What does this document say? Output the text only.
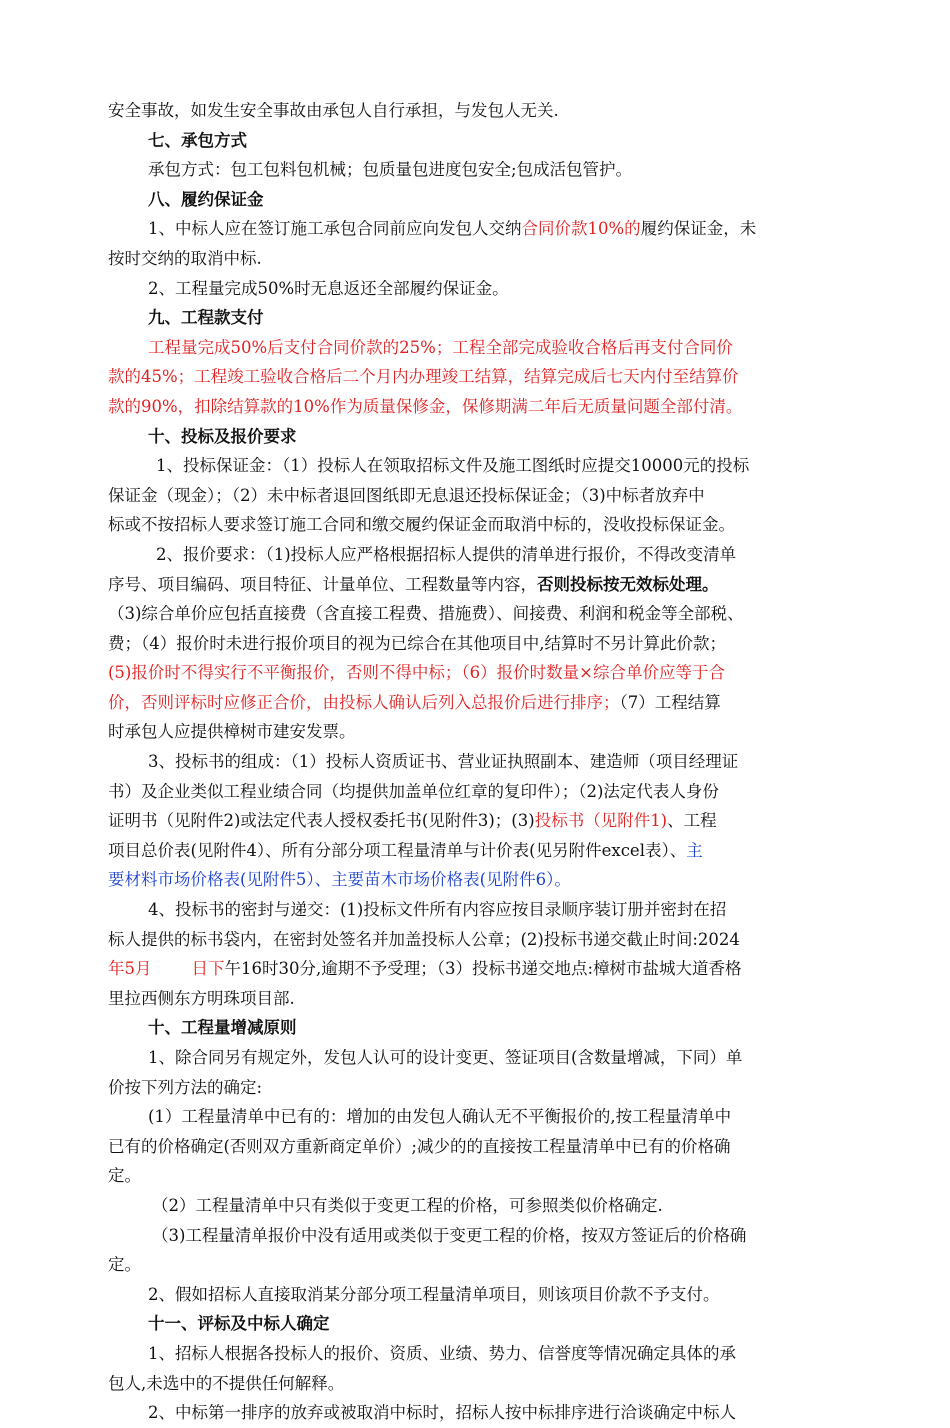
安全事故，如发生安全事故由承包人自行承担，与发包人无关.
七、承包方式
承包方式：包工包料包机械；包质量包进度包安全;包成活包管护。
八、履约保证金
1、中标人应在签订施工承包合同前应向发包人交纳合同价款10%的履约保证金，未
按时交纳的取消中标.
2、工程量完成50%时无息返还全部履约保证金。
九、工程款支付
工程量完成50%后支付合同价款的25%；工程全部完成验收合格后再支付合同价
款的45%；工程竣工验收合格后二个月内办理竣工结算，结算完成后七天内付至结算价
款的90%，扣除结算款的10%作为质量保修金，保修期满二年后无质量问题全部付清。
十、投标及报价要求
1、投标保证金：（1）投标人在领取招标文件及施工图纸时应提交10000元的投标
保证金（现金）；（2）未中标者退回图纸即无息退还投标保证金；（3)中标者放弃中
标或不按招标人要求签订施工合同和缴交履约保证金而取消中标的，没收投标保证金。
2、报价要求：（1)投标人应严格根据招标人提供的清单进行报价，不得改变清单
序号、项目编码、项目特征、计量单位、工程数量等内容，否则投标按无效标处理。
（3)综合单价应包括直接费（含直接工程费、措施费）、间接费、利润和税金等全部税、
费；（4）报价时未进行报价项目的视为已综合在其他项目中,结算时不另计算此价款；
(5)报价时不得实行不平衡报价，否则不得中标；（6）报价时数量×综合单价应等于合
价，否则评标时应修正合价，由投标人确认后列入总报价后进行排序；（7）工程结算
时承包人应提供樟树市建安发票。
3、投标书的组成：（1）投标人资质证书、营业证执照副本、建造师（项目经理证
书）及企业类似工程业绩合同（均提供加盖单位红章的复印件）；（2)法定代表人身份
证明书（见附件2)或法定代表人授权委托书(见附件3)；(3)投标书（见附件1)、工程
项目总价表(见附件4）、所有分部分项工程量清单与计价表(见另附件excel表）、主
要材料市场价格表(见附件5）、主要苗木市场价格表(见附件6）。
4、投标书的密封与递交：(1)投标文件所有内容应按目录顺序装订册并密封在招
标人提供的标书袋内，在密封处签名并加盖投标人公章；(2)投标书递交截止时间:2024
年5月 日下午16时30分,逾期不予受理；（3）投标书递交地点:樟树市盐城大道香格
里拉西侧东方明珠项目部.
十、工程量增减原则
1、除合同另有规定外，发包人认可的设计变更、签证项目(含数量增减，下同）单
价按下列方法的确定:
(1）工程量清单中已有的：增加的由发包人确认无不平衡报价的,按工程量清单中
已有的价格确定(否则双方重新商定单价）;减少的的直接按工程量清单中已有的价格确
定。
（2）工程量清单中只有类似于变更工程的价格，可参照类似价格确定.
（3)工程量清单报价中没有适用或类似于变更工程的价格，按双方签证后的价格确
定。
2、假如招标人直接取消某分部分项工程量清单项目，则该项目价款不予支付。
十一、评标及中标人确定
1、招标人根据各投标人的报价、资质、业绩、势力、信誉度等情况确定具体的承
包人,未选中的不提供任何解释。
2、中标第一排序的放弃或被取消中标时，招标人按中标排序进行洽谈确定中标人
